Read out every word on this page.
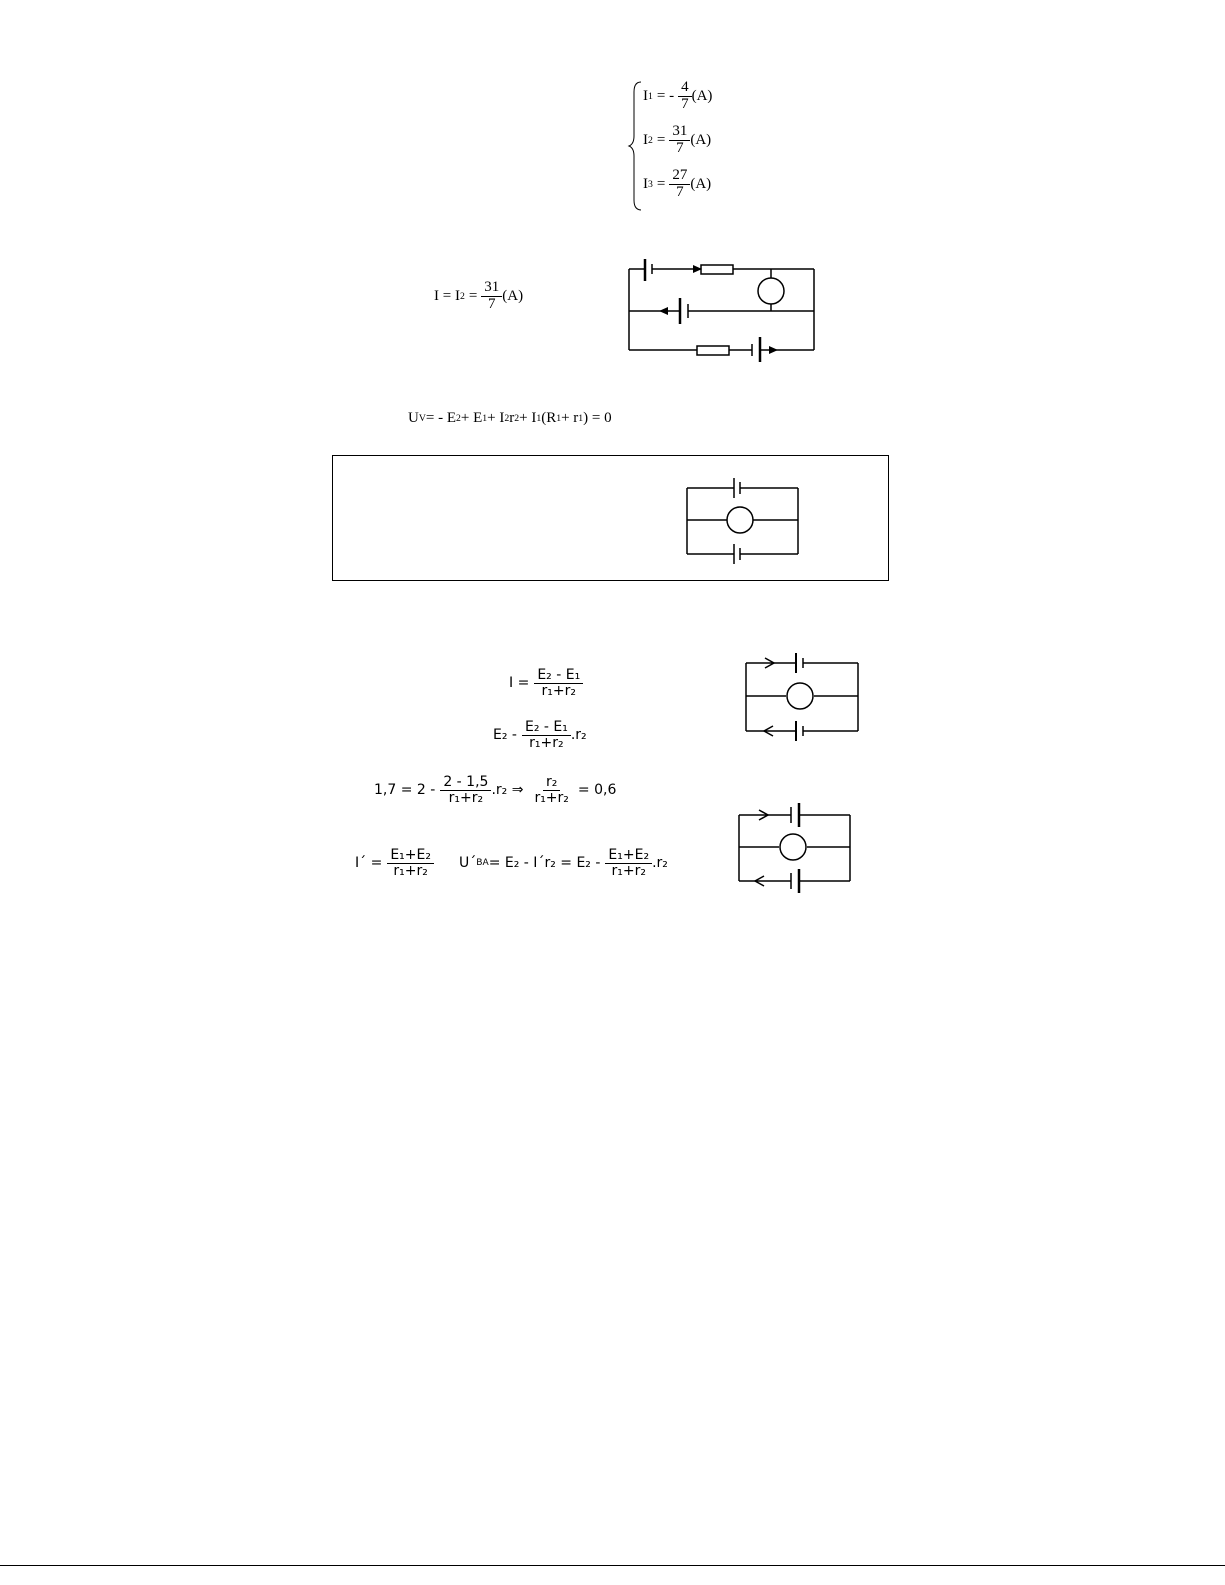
I 1 = - $\frac{4}{7} (A)$
I $2 = \frac{31}{7} (A)$
I $3 = \frac{27}{7} (A)$
I = I $2 = \frac{31}{7} (A)$
U V = - E 2 + E 1 + I 2 r 2 + I 1 (R 1 + r 1 ) = 0
$I = \frac{\text{E₂ - E₁}}{\text{r₁+r₂}}$
$E_2 - \frac{\text{E₂ - E₁}}{\text{r₁+r₂}} .r_2$
$1,7 = 2 - \frac{2 - 1,5}{\text{r₁+r₂}} .r_2$ ⇒ $\frac{\text{r₂}}{\text{r₁+r₂}} = 0,6$
I´ = $\frac{\text{E₁+E₂}}{\text{r₁+r₂}}$ U´ BA = E₂ - I´r₂ = $E_2 - \frac{\text{E₁+E₂}}{\text{r₁+r₂}} .r_2$
